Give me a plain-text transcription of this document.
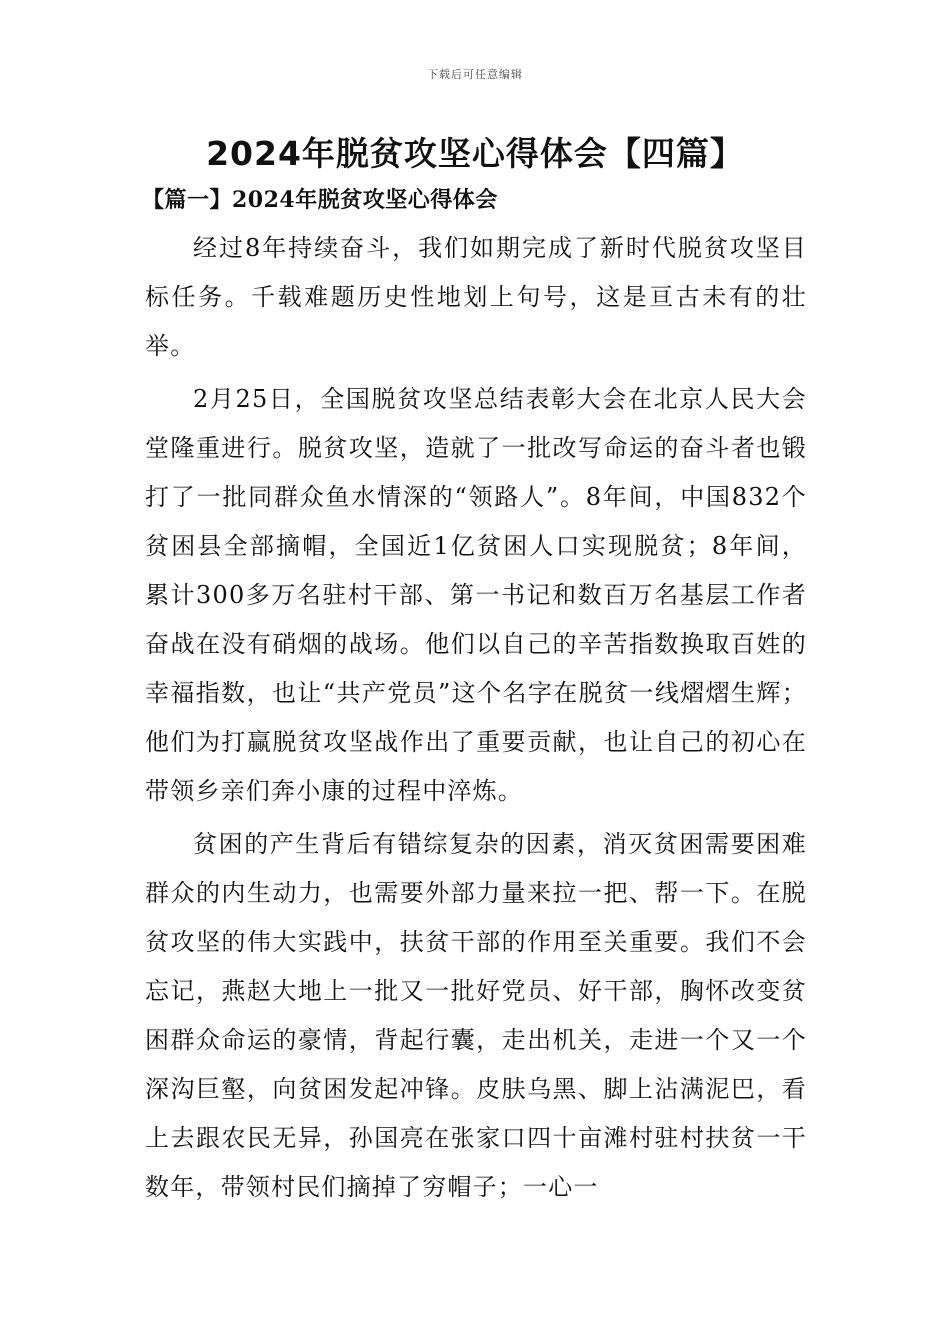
下载后可任意编辑
2024年脱贫攻坚心得体会【四篇】
【篇一】2024年脱贫攻坚心得体会

经过8年持续奋斗，我们如期完成了新时代脱贫攻坚目标任务。千载难题历史性地划上句号，这是亘古未有的壮举。

2月25日，全国脱贫攻坚总结表彰大会在北京人民大会堂隆重进行。脱贫攻坚，造就了一批改写命运的奋斗者也锻打了一批同群众鱼水情深的“领路人”。8年间，中国832个贫困县全部摘帽，全国近1亿贫困人口实现脱贫；8年间，累计300多万名驻村干部、第一书记和数百万名基层工作者奋战在没有硝烟的战场。他们以自己的辛苦指数换取百姓的幸福指数，也让“共产党员”这个名字在脱贫一线熠熠生辉；他们为打赢脱贫攻坚战作出了重要贡献，也让自己的初心在带领乡亲们奔小康的过程中淬炼。

贫困的产生背后有错综复杂的因素，消灭贫困需要困难群众的内生动力，也需要外部力量来拉一把、帮一下。在脱贫攻坚的伟大实践中，扶贫干部的作用至关重要。我们不会忘记，燕赵大地上一批又一批好党员、好干部，胸怀改变贫困群众命运的豪情，背起行囊，走出机关，走进一个又一个深沟巨壑，向贫困发起冲锋。皮肤乌黑、脚上沾满泥巴，看上去跟农民无异，孙国亮在张家口四十亩滩村驻村扶贫一干数年，带领村民们摘掉了穷帽子；一心一
